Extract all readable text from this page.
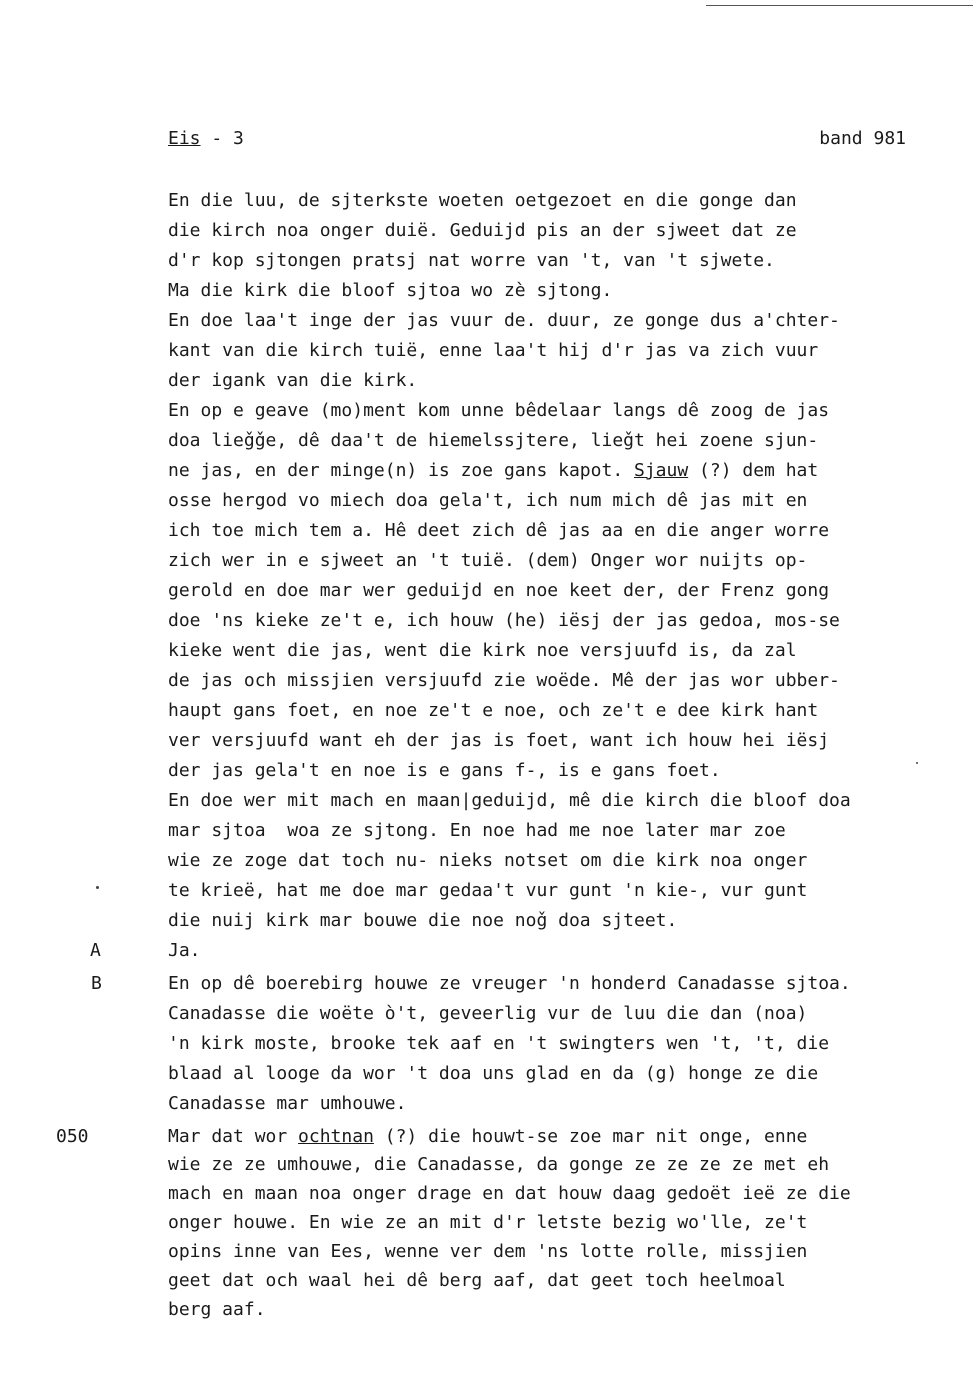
Eis - 3	band 981
A
B
050
En die luu, de sjterkste woeten oetgezoet en die gonge dan
die kirch noa onger duië. Geduijd pis an der sjweet dat ze
d'r kop sjtongen pratsj nat worre van 't, van 't sjwete.
Ma die kirk die bloof sjtoa wo zè sjtong.
En doe laa't inge der jas vuur de. duur, ze gonge dus a'chter-
kant van die kirch tuië, enne laa't hij d'r jas va zich vuur
der igank van die kirk.
En op e geave (mo)ment kom unne bêdelaar langs dê zoog de jas
doa lieǧǧe, dê daa't de hiemelssjtere, lieǧt hei zoene sjun-
ne jas, en der minge(n) is zoe gans kapot. Sjauw (?) dem hat
osse hergod vo miech doa gela't, ich num mich dê jas mit en
ich toe mich tem a. Hê deet zich dê jas aa en die anger worre
zich wer in e sjweet an 't tuië. (dem) Onger wor nuijts op-
gerold en doe mar wer geduijd en noe keet der, der Frenz gong
doe 'ns kieke ze't e, ich houw (he) iësj der jas gedoa, mos-se
kieke went die jas, went die kirk noe versjuufd is, da zal
de jas och missjien versjuufd zie woëde. Mê der jas wor ubber-
haupt gans foet, en noe ze't e noe, och ze't e dee kirk hant
ver versjuufd want eh der jas is foet, want ich houw hei iësj
der jas gela't en noe is e gans f-, is e gans foet.
En doe wer mit mach en maan|geduijd, mê die kirch die bloof doa
mar sjtoa  woa ze sjtong. En noe had me noe later mar zoe
wie ze zoge dat toch nu- nieks notset om die kirk noa onger
te krieë, hat me doe mar gedaa't vur gunt 'n kie-, vur gunt
die nuij kirk mar bouwe die noe noǧ doa sjteet.
Ja.
En op dê boerebirg houwe ze vreuger 'n honderd Canadasse sjtoa.
Canadasse die woëte ò't, geveerlig vur de luu die dan (noa)
'n kirk moste, brooke tek aaf en 't swingters wen 't, 't, die
blaad al looge da wor 't doa uns glad en da (g) honge ze die
Canadasse mar umhouwe.
Mar dat wor ochtnan (?) die houwt-se zoe mar nit onge, enne
wie ze ze umhouwe, die Canadasse, da gonge ze ze ze ze met eh
mach en maan noa onger drage en dat houw daag gedoët ieë ze die
onger houwe. En wie ze an mit d'r letste bezig wo'lle, ze't
opins inne van Ees, wenne ver dem 'ns lotte rolle, missjien
geet dat och waal hei dê berg aaf, dat geet toch heelmoal
berg aaf.
